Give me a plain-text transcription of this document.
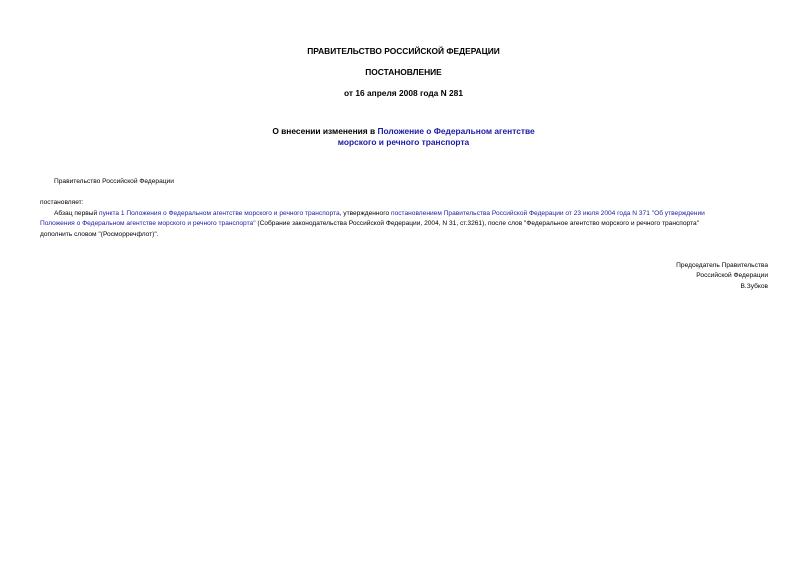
ПРАВИТЕЛЬСТВО РОССИЙСКОЙ ФЕДЕРАЦИИ
ПОСТАНОВЛЕНИЕ
от 16 апреля 2008 года N 281
О внесении изменения в Положение о Федеральном агентстве
морского и речного транспорта
Правительство Российской Федерации
постановляет:
Абзац первый пункта 1 Положения о Федеральном агентстве морского и речного транспорта, утвержденного постановлением Правительства Российской Федерации от 23 июля 2004 года N 371 "Об утверждении
Положения о Федеральном агентстве морского и речного транспорта" (Собрание законодательства Российской Федерации, 2004, N 31, ст.3261), после слов "Федеральное агентство морского и речного транспорта"
дополнить словом "(Росморречфлот)".
Председатель Правительства
Российской Федерации
В.Зубков
